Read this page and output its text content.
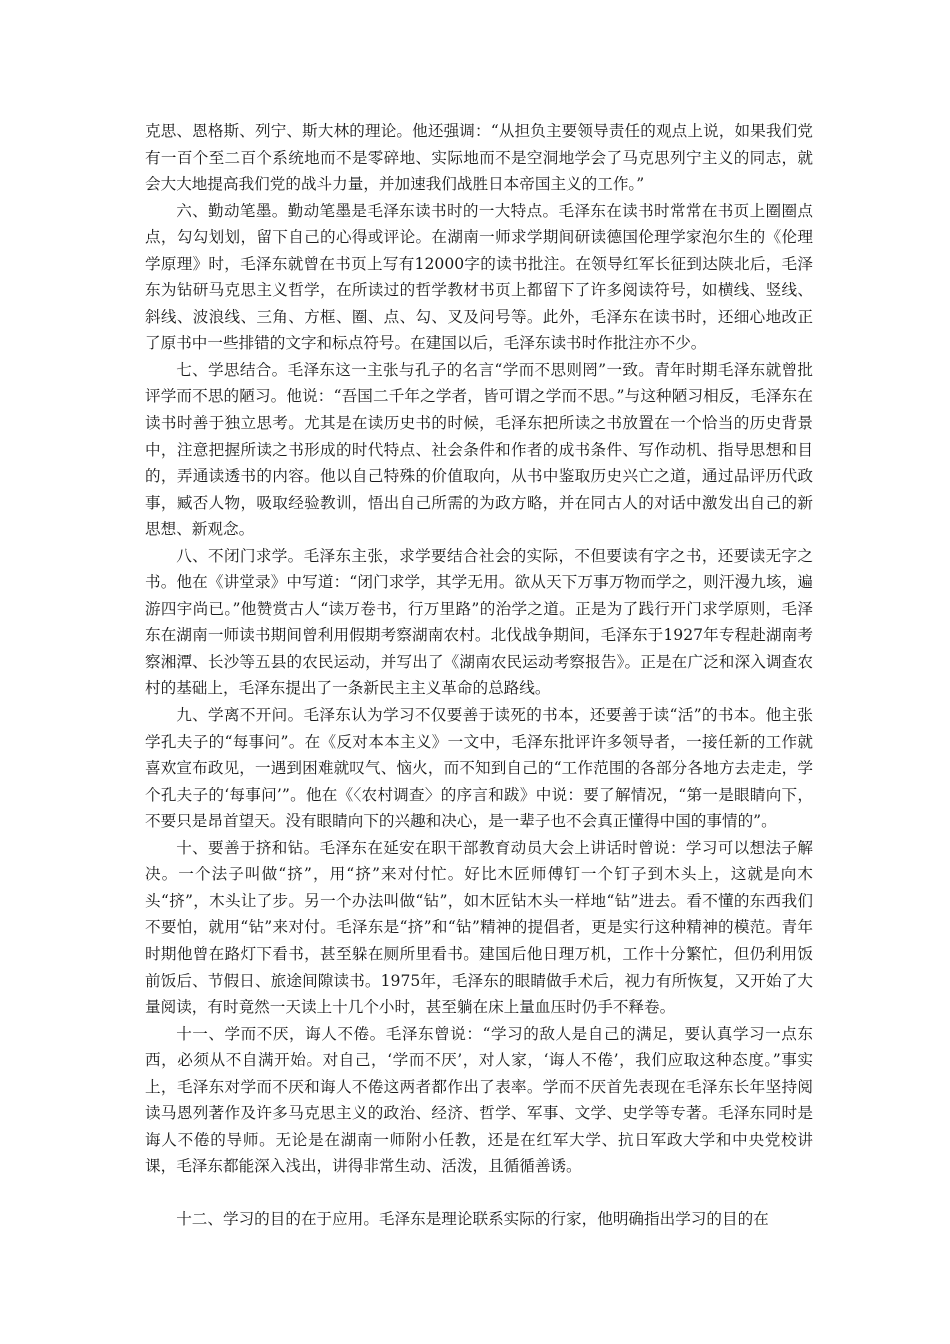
克思、恩格斯、列宁、斯大林的理论。他还强调：“从担负主要领导责任的观点上说，如果我们党有一百个至二百个系统地而不是零碎地、实际地而不是空洞地学会了马克思列宁主义的同志，就会大大地提高我们党的战斗力量，并加速我们战胜日本帝国主义的工作。”

六、勤动笔墨。勤动笔墨是毛泽东读书时的一大特点。毛泽东在读书时常常在书页上圈圈点点，勾勾划划，留下自己的心得或评论。在湖南一师求学期间研读德国伦理学家泡尔生的《伦理学原理》时，毛泽东就曾在书页上写有12000字的读书批注。在领导红军长征到达陕北后，毛泽东为钻研马克思主义哲学，在所读过的哲学教材书页上都留下了许多阅读符号，如横线、竖线、斜线、波浪线、三角、方框、圈、点、勾、叉及问号等。此外，毛泽东在读书时，还细心地改正了原书中一些排错的文字和标点符号。在建国以后，毛泽东读书时作批注亦不少。

七、学思结合。毛泽东这一主张与孔子的名言“学而不思则罔”一致。青年时期毛泽东就曾批评学而不思的陋习。他说：“吾国二千年之学者，皆可谓之学而不思。”与这种陋习相反，毛泽东在读书时善于独立思考。尤其是在读历史书的时候，毛泽东把所读之书放置在一个恰当的历史背景中，注意把握所读之书形成的时代特点、社会条件和作者的成书条件、写作动机、指导思想和目的，弄通读透书的内容。他以自己特殊的价值取向，从书中鉴取历史兴亡之道，通过品评历代政事，臧否人物，吸取经验教训，悟出自己所需的为政方略，并在同古人的对话中激发出自己的新思想、新观念。

八、不闭门求学。毛泽东主张，求学要结合社会的实际，不但要读有字之书，还要读无字之书。他在《讲堂录》中写道：“闭门求学，其学无用。欲从天下万事万物而学之，则汗漫九垓，遍游四宇尚已。”他赞赏古人“读万卷书，行万里路”的治学之道。正是为了践行开门求学原则，毛泽东在湖南一师读书期间曾利用假期考察湖南农村。北伐战争期间，毛泽东于1927年专程赴湖南考察湘潭、长沙等五县的农民运动，并写出了《湖南农民运动考察报告》。正是在广泛和深入调查农村的基础上，毛泽东提出了一条新民主主义革命的总路线。

九、学离不开问。毛泽东认为学习不仅要善于读死的书本，还要善于读“活”的书本。他主张学孔夫子的“每事问”。在《反对本本主义》一文中，毛泽东批评许多领导者，一接任新的工作就喜欢宣布政见，一遇到困难就叹气、恼火，而不知到自己的“工作范围的各部分各地方去走走，学个孔夫子的‘每事问’”。他在《〈农村调查〉的序言和跋》中说：要了解情况，“第一是眼睛向下，不要只是昂首望天。没有眼睛向下的兴趣和决心，是一辈子也不会真正懂得中国的事情的”。

十、要善于挤和钻。毛泽东在延安在职干部教育动员大会上讲话时曾说：学习可以想法子解决。一个法子叫做“挤”，用“挤”来对付忙。好比木匠师傅钉一个钉子到木头上，这就是向木头“挤”，木头让了步。另一个办法叫做“钻”，如木匠钻木头一样地“钻”进去。看不懂的东西我们不要怕，就用“钻”来对付。毛泽东是“挤”和“钻”精神的提倡者，更是实行这种精神的模范。青年时期他曾在路灯下看书，甚至躲在厕所里看书。建国后他日理万机，工作十分繁忙，但仍利用饭前饭后、节假日、旅途间隙读书。1975年，毛泽东的眼睛做手术后，视力有所恢复，又开始了大量阅读，有时竟然一天读上十几个小时，甚至躺在床上量血压时仍手不释卷。

十一、学而不厌，诲人不倦。毛泽东曾说：“学习的敌人是自己的满足，要认真学习一点东西，必须从不自满开始。对自己，‘学而不厌’，对人家，‘诲人不倦’，我们应取这种态度。”事实上，毛泽东对学而不厌和诲人不倦这两者都作出了表率。学而不厌首先表现在毛泽东长年坚持阅读马恩列著作及许多马克思主义的政治、经济、哲学、军事、文学、史学等专著。毛泽东同时是诲人不倦的导师。无论是在湖南一师附小任教，还是在红军大学、抗日军政大学和中央党校讲课，毛泽东都能深入浅出，讲得非常生动、活泼，且循循善诱。

十二、学习的目的在于应用。毛泽东是理论联系实际的行家，他明确指出学习的目的在
